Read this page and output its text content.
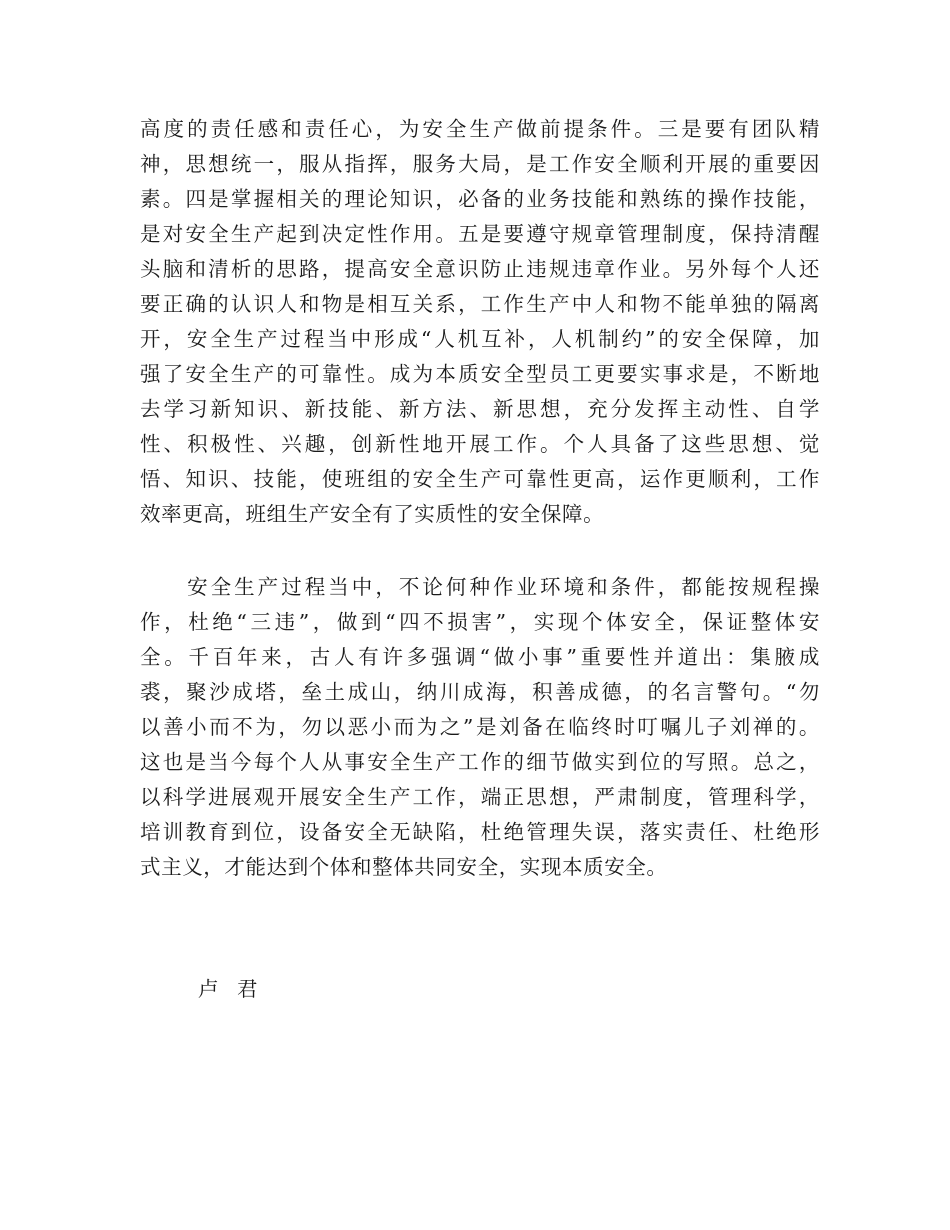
高度的责任感和责任心，为安全生产做前提条件。三是要有团队精
神，思想统一，服从指挥，服务大局，是工作安全顺利开展的重要因
素。四是掌握相关的理论知识，必备的业务技能和熟练的操作技能，
是对安全生产起到决定性作用。五是要遵守规章管理制度，保持清醒
头脑和清析的思路，提高安全意识防止违规违章作业。另外每个人还
要正确的认识人和物是相互关系，工作生产中人和物不能单独的隔离
开，安全生产过程当中形成“人机互补，人机制约”的安全保障，加
强了安全生产的可靠性。成为本质安全型员工更要实事求是，不断地
去学习新知识、新技能、新方法、新思想，充分发挥主动性、自学
性、积极性、兴趣，创新性地开展工作。个人具备了这些思想、觉
悟、知识、技能，使班组的安全生产可靠性更高，运作更顺利，工作
效率更高，班组生产安全有了实质性的安全保障。
　　安全生产过程当中，不论何种作业环境和条件，都能按规程操
作，杜绝“三违”，做到“四不损害”，实现个体安全，保证整体安
全。千百年来，古人有许多强调“做小事”重要性并道出：集腋成
裘，聚沙成塔，垒土成山，纳川成海，积善成德，的名言警句。“勿
以善小而不为，勿以恶小而为之”是刘备在临终时叮嘱儿子刘禅的。
这也是当今每个人从事安全生产工作的细节做实到位的写照。总之，
以科学进展观开展安全生产工作，端正思想，严肃制度，管理科学，
培训教育到位，设备安全无缺陷，杜绝管理失误，落实责任、杜绝形
式主义，才能达到个体和整体共同安全，实现本质安全。
卢 君
